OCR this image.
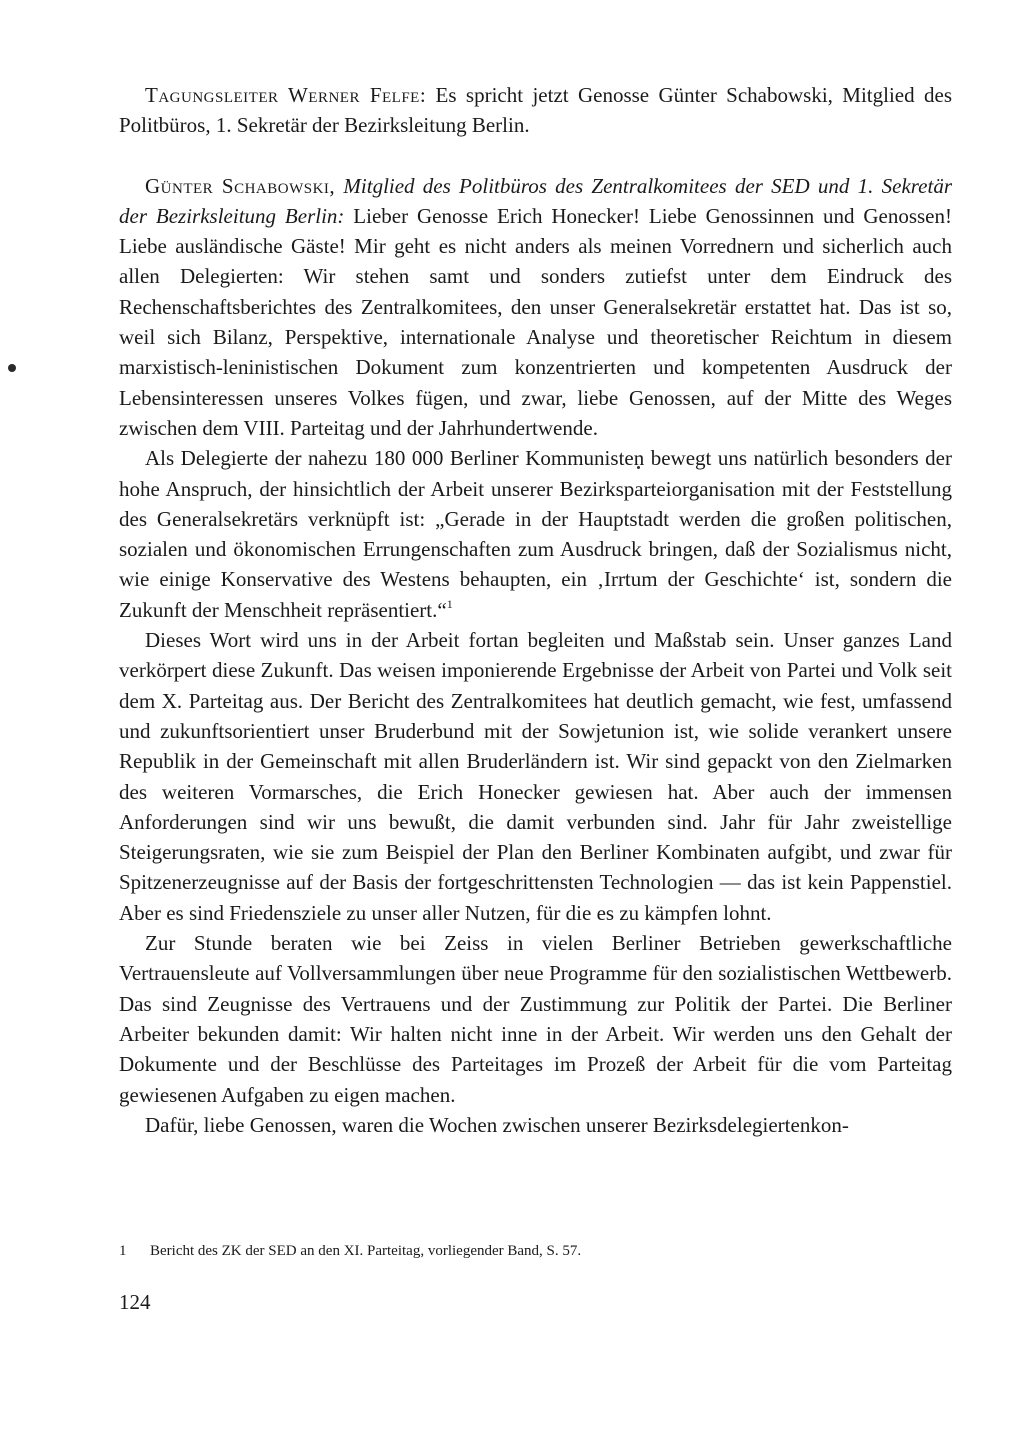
Tagungsleiter Werner Felfe: Es spricht jetzt Genosse Günter Schabowski, Mitglied des Politbüros, 1. Sekretär der Bezirksleitung Berlin.

Günter Schabowski, Mitglied des Politbüros des Zentralkomitees der SED und 1. Sekretär der Bezirksleitung Berlin: Lieber Genosse Erich Honecker! Liebe Genossinnen und Genossen! Liebe ausländische Gäste! Mir geht es nicht anders als meinen Vorrednern und sicherlich auch allen Delegierten: Wir stehen samt und sonders zutiefst unter dem Eindruck des Rechenschaftsberichtes des Zentralkomitees, den unser Generalsekretär erstattet hat. Das ist so, weil sich Bilanz, Perspektive, internationale Analyse und theoretischer Reichtum in diesem marxistisch-leninistischen Dokument zum konzentrierten und kompetenten Ausdruck der Lebensinteressen unseres Volkes fügen, und zwar, liebe Genossen, auf der Mitte des Weges zwischen dem VIII. Parteitag und der Jahrhundertwende.

Als Delegierte der nahezu 180 000 Berliner Kommunisten bewegt uns natürlich besonders der hohe Anspruch, der hinsichtlich der Arbeit unserer Bezirksparteiorganisation mit der Feststellung des Generalsekretärs verknüpft ist: „Gerade in der Hauptstadt werden die großen politischen, sozialen und ökonomischen Errungenschaften zum Ausdruck bringen, daß der Sozialismus nicht, wie einige Konservative des Westens behaupten, ein ‚Irrtum der Geschichte‘ ist, sondern die Zukunft der Menschheit repräsentiert.“$^1$

Dieses Wort wird uns in der Arbeit fortan begleiten und Maßstab sein. Unser ganzes Land verkörpert diese Zukunft. Das weisen imponierende Ergebnisse der Arbeit von Partei und Volk seit dem X. Parteitag aus. Der Bericht des Zentralkomitees hat deutlich gemacht, wie fest, umfassend und zukunftsorientiert unser Bruderbund mit der Sowjetunion ist, wie solide verankert unsere Republik in der Gemeinschaft mit allen Bruderländern ist. Wir sind gepackt von den Zielmarken des weiteren Vormarsches, die Erich Honecker gewiesen hat. Aber auch der immensen Anforderungen sind wir uns bewußt, die damit verbunden sind. Jahr für Jahr zweistellige Steigerungsraten, wie sie zum Beispiel der Plan den Berliner Kombinaten aufgibt, und zwar für Spitzenerzeugnisse auf der Basis der fortgeschrittensten Technologien — das ist kein Pappenstiel. Aber es sind Friedensziele zu unser aller Nutzen, für die es zu kämpfen lohnt.

Zur Stunde beraten wie bei Zeiss in vielen Berliner Betrieben gewerkschaftliche Vertrauensleute auf Vollversammlungen über neue Programme für den sozialistischen Wettbewerb. Das sind Zeugnisse des Vertrauens und der Zustimmung zur Politik der Partei. Die Berliner Arbeiter bekunden damit: Wir halten nicht inne in der Arbeit. Wir werden uns den Gehalt der Dokumente und der Beschlüsse des Parteitages im Prozeß der Arbeit für die vom Parteitag gewiesenen Aufgaben zu eigen machen.

Dafür, liebe Genossen, waren die Wochen zwischen unserer Bezirksdelegiertenkon-

1 Bericht des ZK der SED an den XI. Parteitag, vorliegender Band, S. 57.
124
